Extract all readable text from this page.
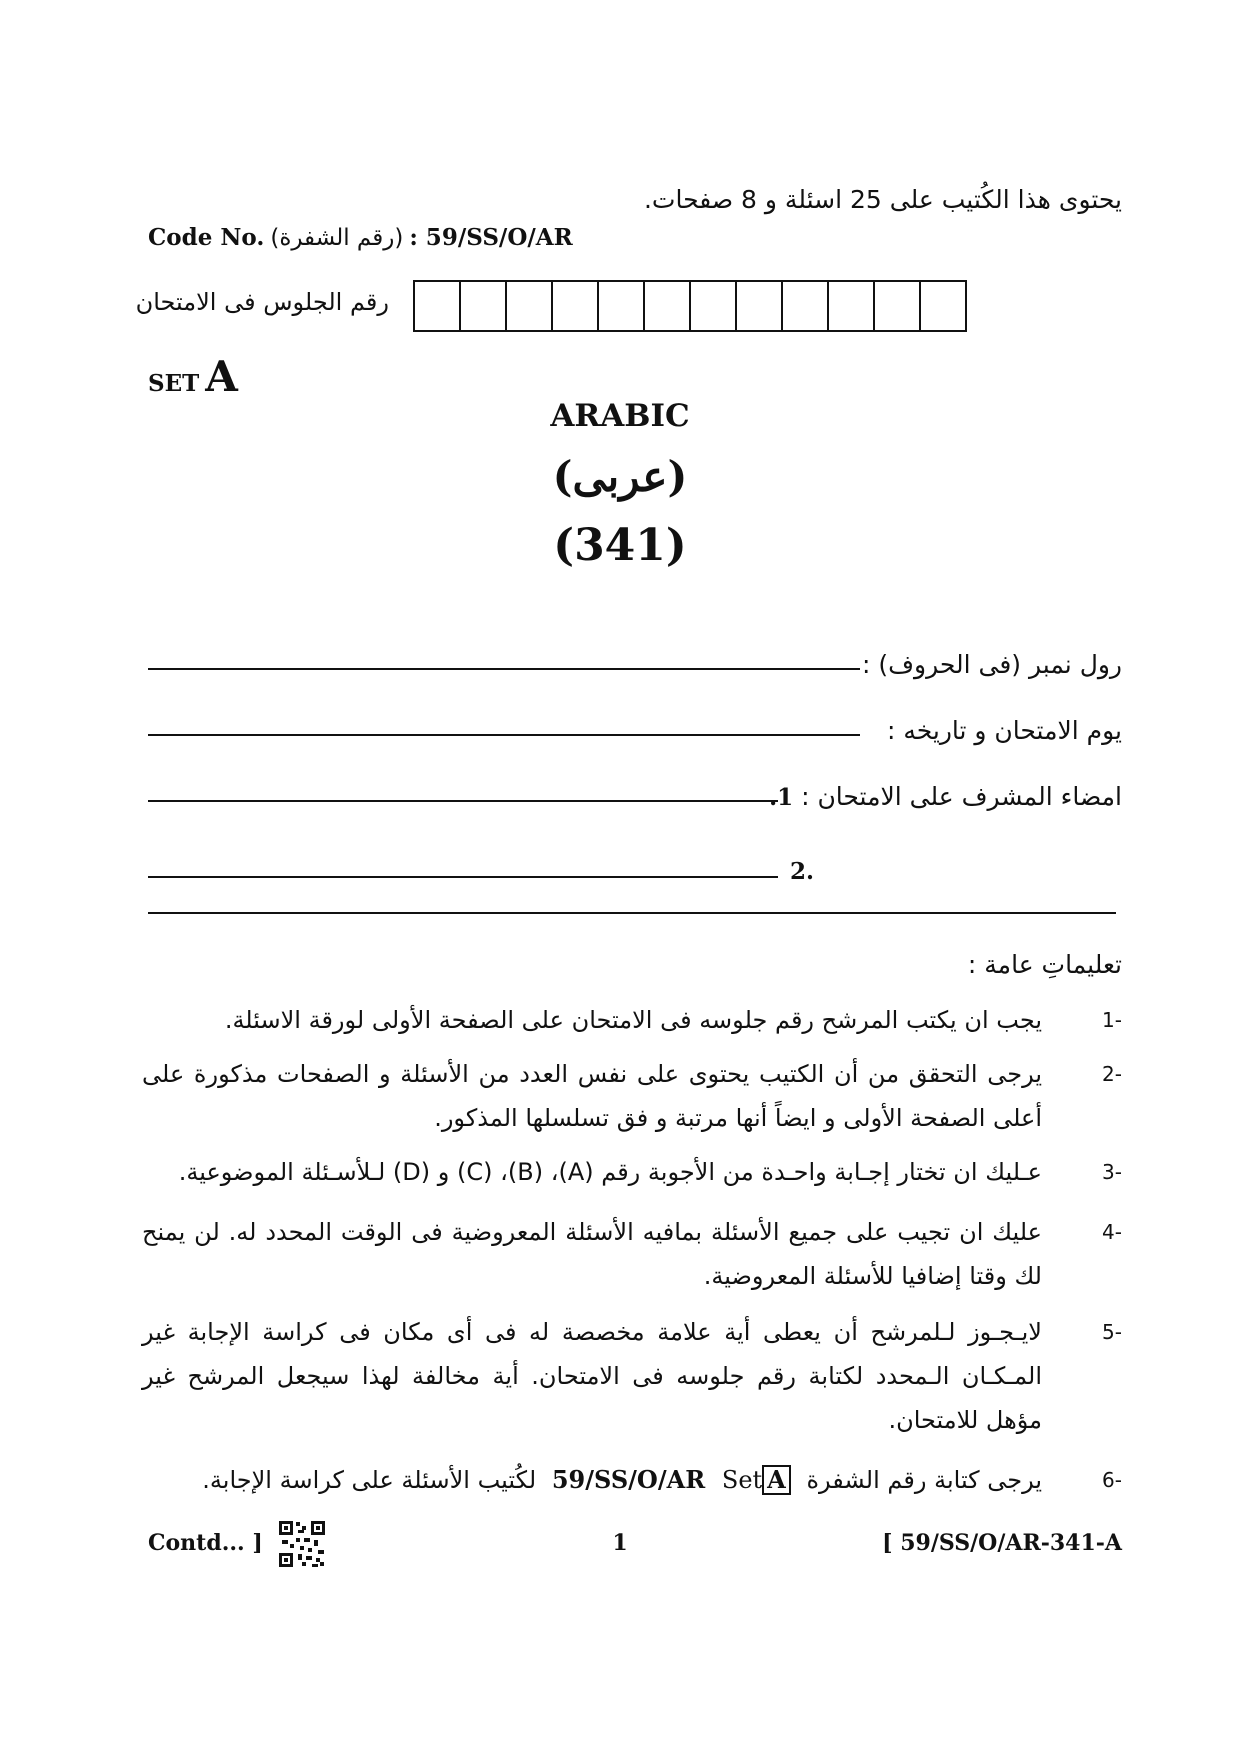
يحتوى هذا الكُتيب على 25 اسئلة و 8 صفحات.
Code No. (رقم الشفرة) : 59/SS/O/AR
رقم الجلوس فى الامتحان
SET A
ARABIC
(عربى)
(341)
رول نمبر (فى الحروف) :
يوم الامتحان و تاريخه :
امضاء المشرف على الامتحان : 1.
2.
تعليماتِ عامة :
-1
يجب ان يكتب المرشح رقم جلوسه فى الامتحان على الصفحة الأولى لورقة الاسئلة.
-2
يرجى التحقق من أن الكتيب يحتوى على نفس العدد من الأسئلة و الصفحات مذكورة على أعلى الصفحة الأولى و ايضاً أنها مرتبة و فق تسلسلها المذكور.
-3
عـليك ان تختار إجـابة واحـدة من الأجوبة رقم (A)، (B)، (C) و (D) لـلأسـئلة الموضوعية.
-4
عليك ان تجيب على جميع الأسئلة بمافيه الأسئلة المعروضية فى الوقت المحدد له. لن يمنح لك وقتا إضافيا للأسئلة المعروضية.
-5
لايـجـوز لـلمرشح أن يعطى أية علامة مخصصة له فى أى مكان فى كراسة الإجابة غير المـكـان الـمحدد لكتابة رقم جلوسه فى الامتحان. أية مخالفة لهذا سيجعل المرشح غير مؤهل للامتحان.
-6
يرجى كتابة رقم الشفرة 59/SS/O/AR Set A لكُتيب الأسئلة على كراسة الإجابة.
Contd... ]	1	[ 59/SS/O/AR-341-A
